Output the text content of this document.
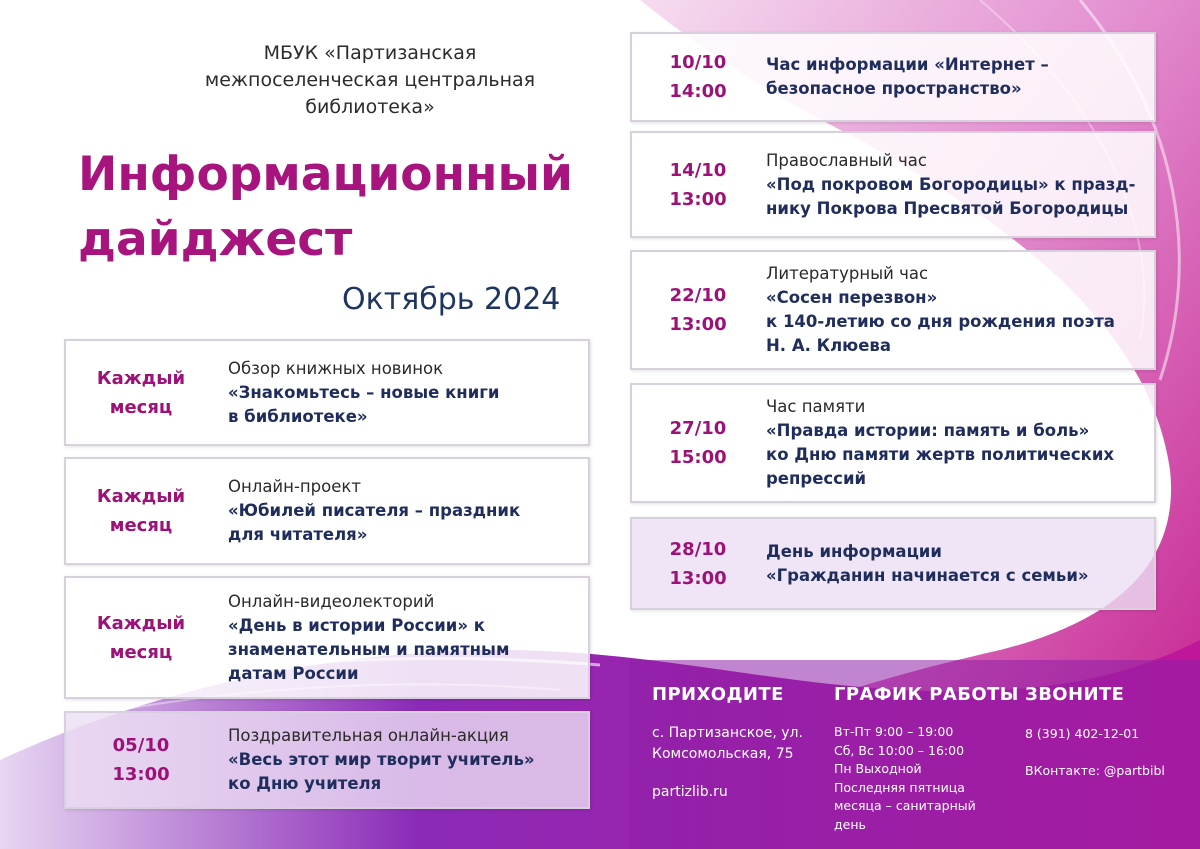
МБУК «Партизанская
межпоселенческая центральная
библиотека»
Информационный
дайджест
Октябрь 2024
Каждый
месяц
Обзор книжных новинок
«Знакомьтесь – новые книги
в библиотеке»
Каждый
месяц
Онлайн-проект
«Юбилей писателя – праздник
для читателя»
Каждый
месяц
Онлайн-видеолекторий
«День в истории России» к
знаменательным и памятным
датам России
05/10
13:00
Поздравительная онлайн-акция
«Весь этот мир творит учитель»
ко Дню учителя
10/10
14:00
Час информации «Интернет –
безопасное пространство»
14/10
13:00
Православный час
«Под покровом Богородицы» к празд-
нику Покрова Пресвятой Богородицы
22/10
13:00
Литературный час
«Сосен перезвон»
к 140-летию со дня рождения поэта
Н. А. Клюева
27/10
15:00
Час памяти
«Правда истории: память и боль»
ко Дню памяти жертв политических
репрессий
28/10
13:00
День информации
«Гражданин начинается с семьи»
ПРИХОДИТЕ
с. Партизанское, ул.
Комсомольская, 75
partizlib.ru
ГРАФИК РАБОТЫ
Вт-Пт 9:00 – 19:00
Сб, Вс 10:00 – 16:00
Пн Выходной
Последняя пятница
месяца – санитарный
день
ЗВОНИТЕ
8 (391) 402-12-01
ВКонтакте: @partbibl
